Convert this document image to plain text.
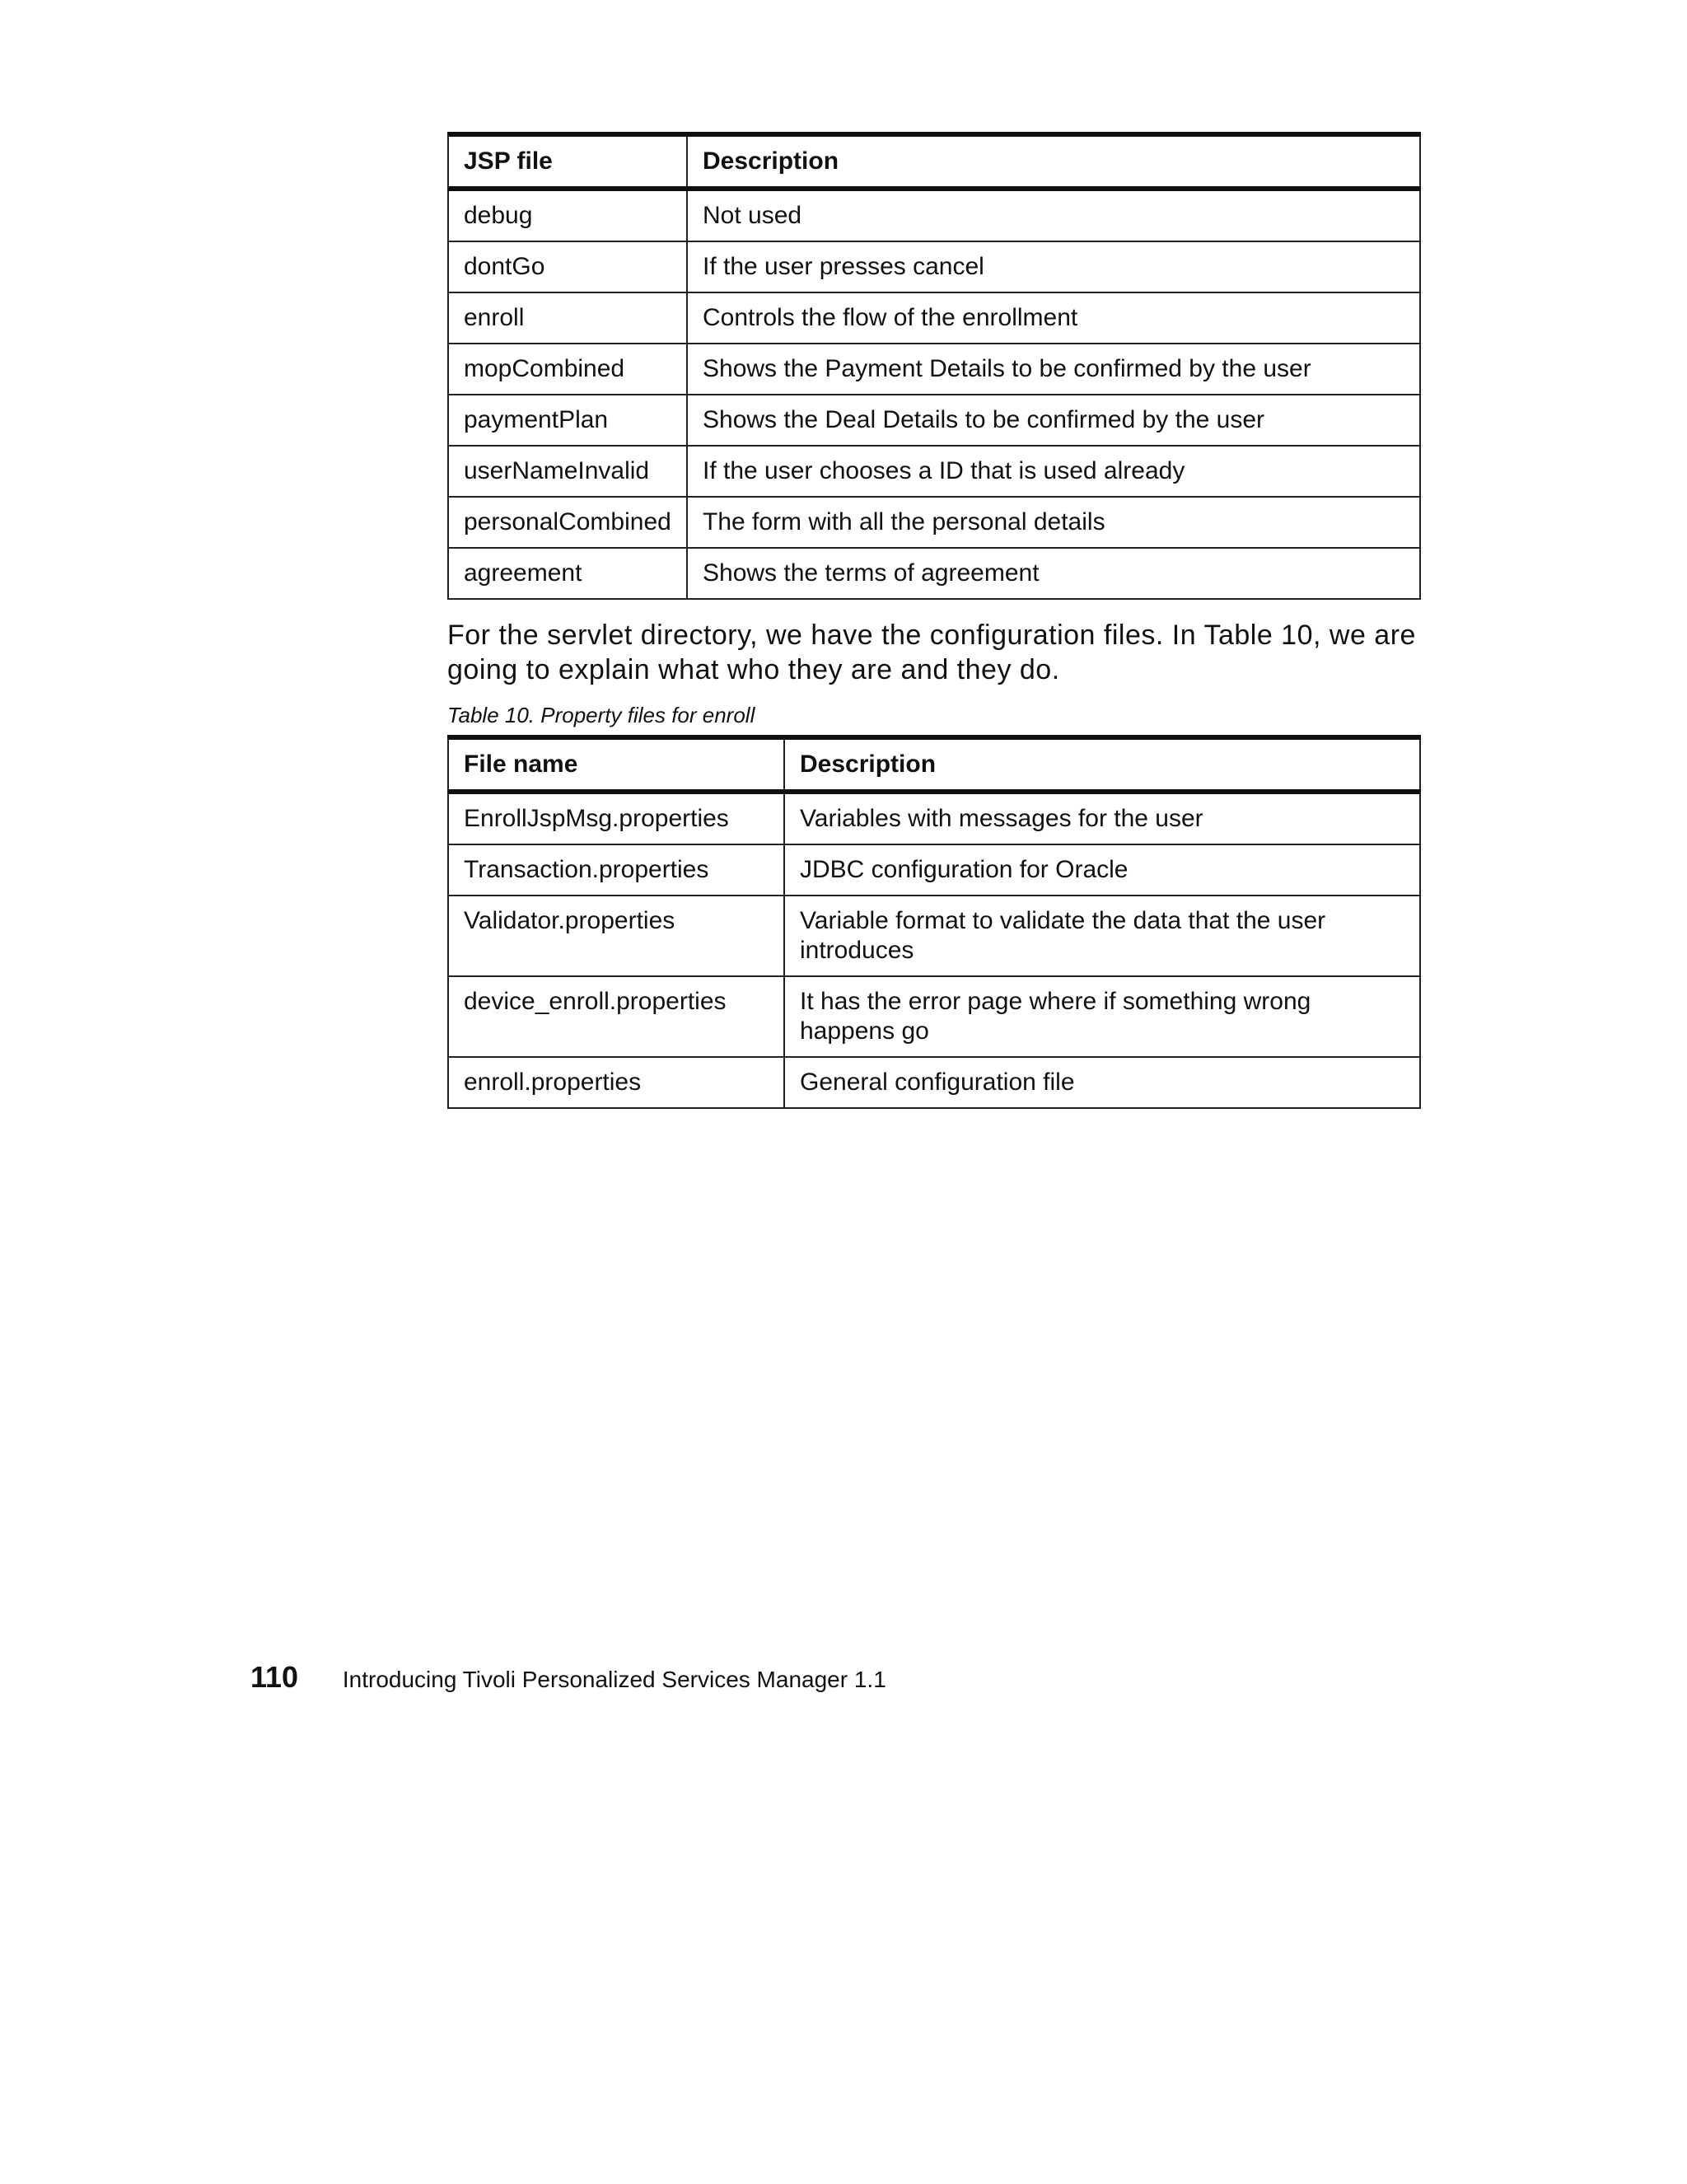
JSP file	Description
debug	Not used
dontGo	If the user presses cancel
enroll	Controls the flow of the enrollment
mopCombined	Shows the Payment Details to be confirmed by the user
paymentPlan	Shows the Deal Details to be confirmed by the user
userNameInvalid	If the user chooses a ID that is used already
personalCombined	The form with all the personal details
agreement	Shows the terms of agreement

For the servlet directory, we have the configuration files. In Table 10, we are going to explain what who they are and they do.

Table 10. Property files for enroll
File name	Description
EnrollJspMsg.properties	Variables with messages for the user
Transaction.properties	JDBC configuration for Oracle
Validator.properties	Variable format to validate the data that the user introduces
device_enroll.properties	It has the error page where if something wrong happens go
enroll.properties	General configuration file
110 Introducing Tivoli Personalized Services Manager 1.1
